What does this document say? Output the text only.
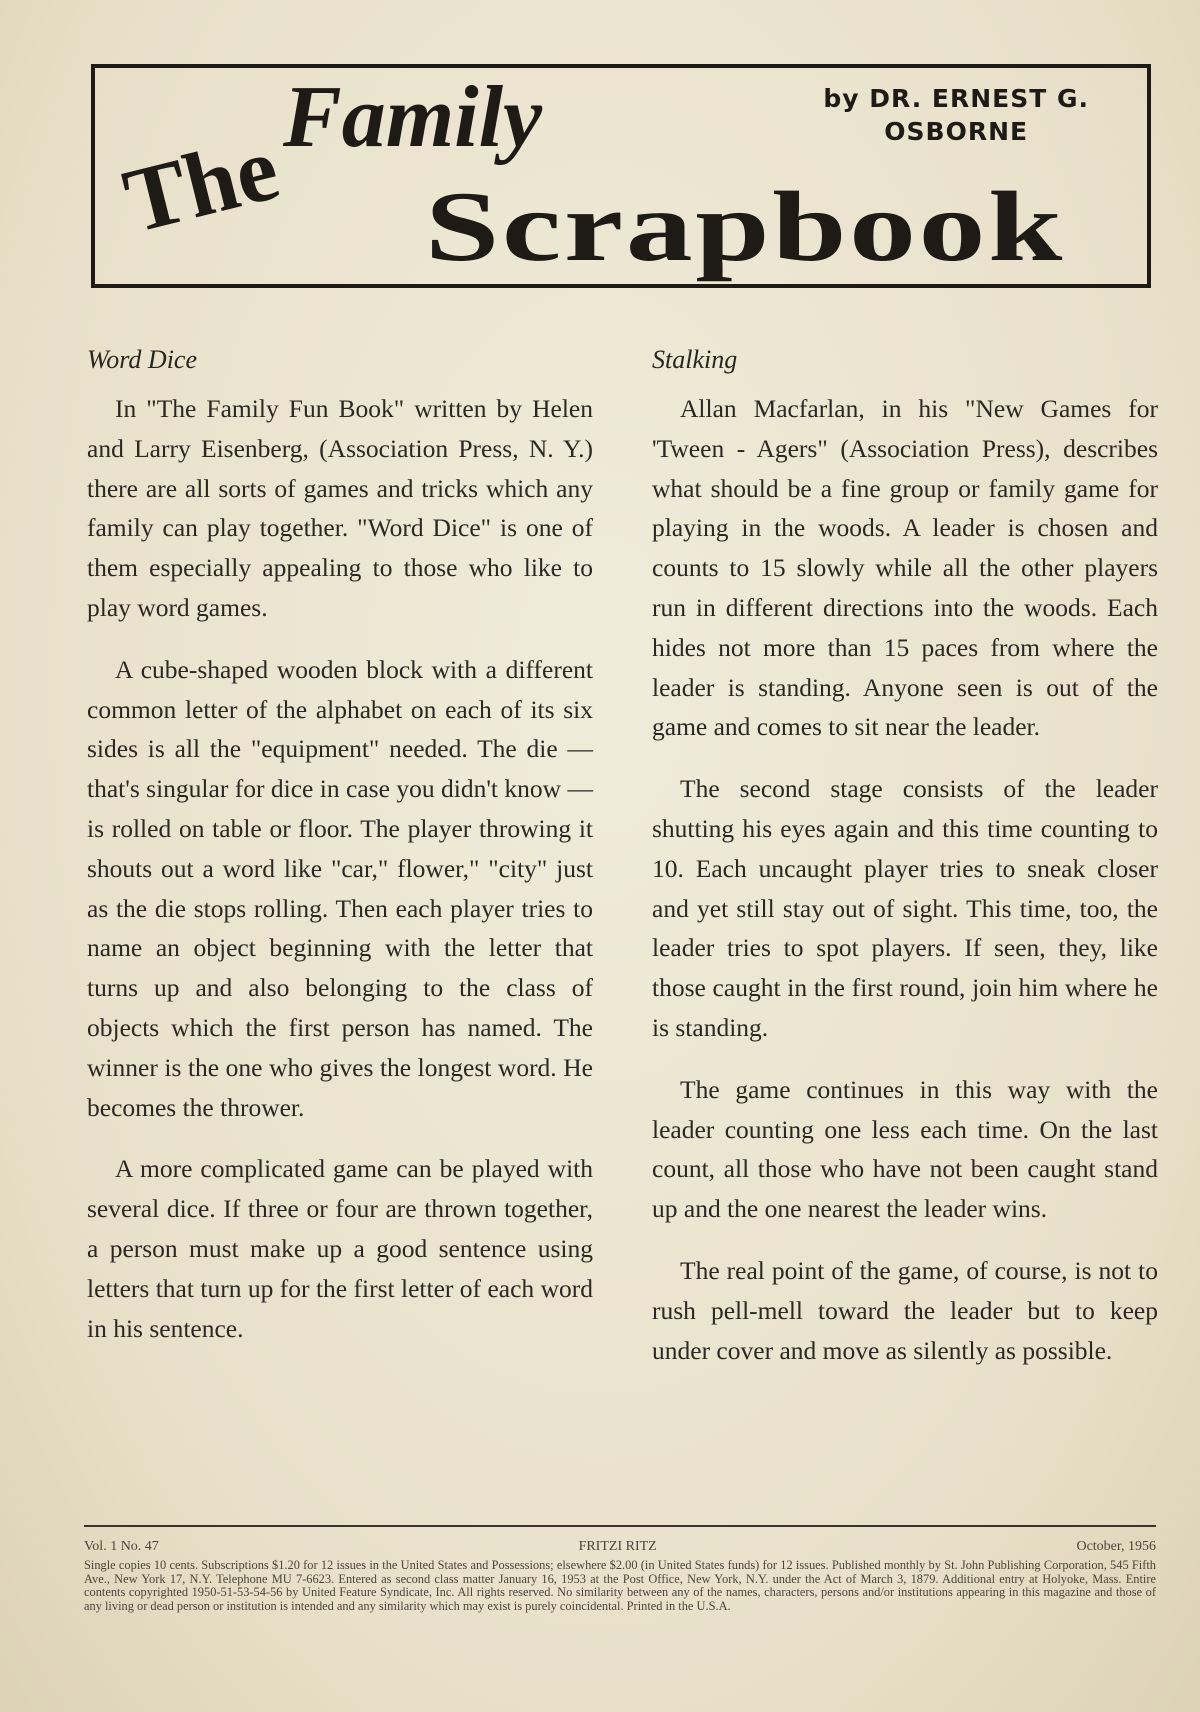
The
Family
Scrapbook
by DR. ERNEST G.
OSBORNE
Word Dice

In "The Family Fun Book" written by Helen and Larry Eisenberg, (Association Press, N. Y.) there are all sorts of games and tricks which any family can play together. "Word Dice" is one of them especially appealing to those who like to play word games.

A cube-shaped wooden block with a different common letter of the alphabet on each of its six sides is all the "equipment" needed. The die — that's singular for dice in case you didn't know — is rolled on table or floor. The player throwing it shouts out a word like "car," flower," "city" just as the die stops rolling. Then each player tries to name an object beginning with the letter that turns up and also belonging to the class of objects which the first person has named. The winner is the one who gives the longest word. He becomes the thrower.

A more complicated game can be played with several dice. If three or four are thrown together, a person must make up a good sentence using letters that turn up for the first letter of each word in his sentence.

Stalking

Allan Macfarlan, in his "New Games for 'Tween - Agers" (Association Press), describes what should be a fine group or family game for playing in the woods. A leader is chosen and counts to 15 slowly while all the other players run in different directions into the woods. Each hides not more than 15 paces from where the leader is standing. Anyone seen is out of the game and comes to sit near the leader.

The second stage consists of the leader shutting his eyes again and this time counting to 10. Each uncaught player tries to sneak closer and yet still stay out of sight. This time, too, the leader tries to spot players. If seen, they, like those caught in the first round, join him where he is standing.

The game continues in this way with the leader counting one less each time. On the last count, all those who have not been caught stand up and the one nearest the leader wins.

The real point of the game, of course, is not to rush pell-mell toward the leader but to keep under cover and move as silently as possible.

Vol. 1 No. 47	FRITZI RITZ	October, 1956
Single copies 10 cents. Subscriptions $1.20 for 12 issues in the United States and Possessions; elsewhere $2.00 (in United States funds) for 12 issues. Published monthly by St. John Publishing Corporation, 545 Fifth Ave., New York 17, N.Y. Telephone MU 7-6623. Entered as second class matter January 16, 1953 at the Post Office, New York, N.Y. under the Act of March 3, 1879. Additional entry at Holyoke, Mass. Entire contents copyrighted 1950-51-53-54-56 by United Feature Syndicate, Inc. All rights reserved. No similarity between any of the names, characters, persons and/or institutions appearing in this magazine and those of any living or dead person or institution is intended and any similarity which may exist is purely coincidental. Printed in the U.S.A.
